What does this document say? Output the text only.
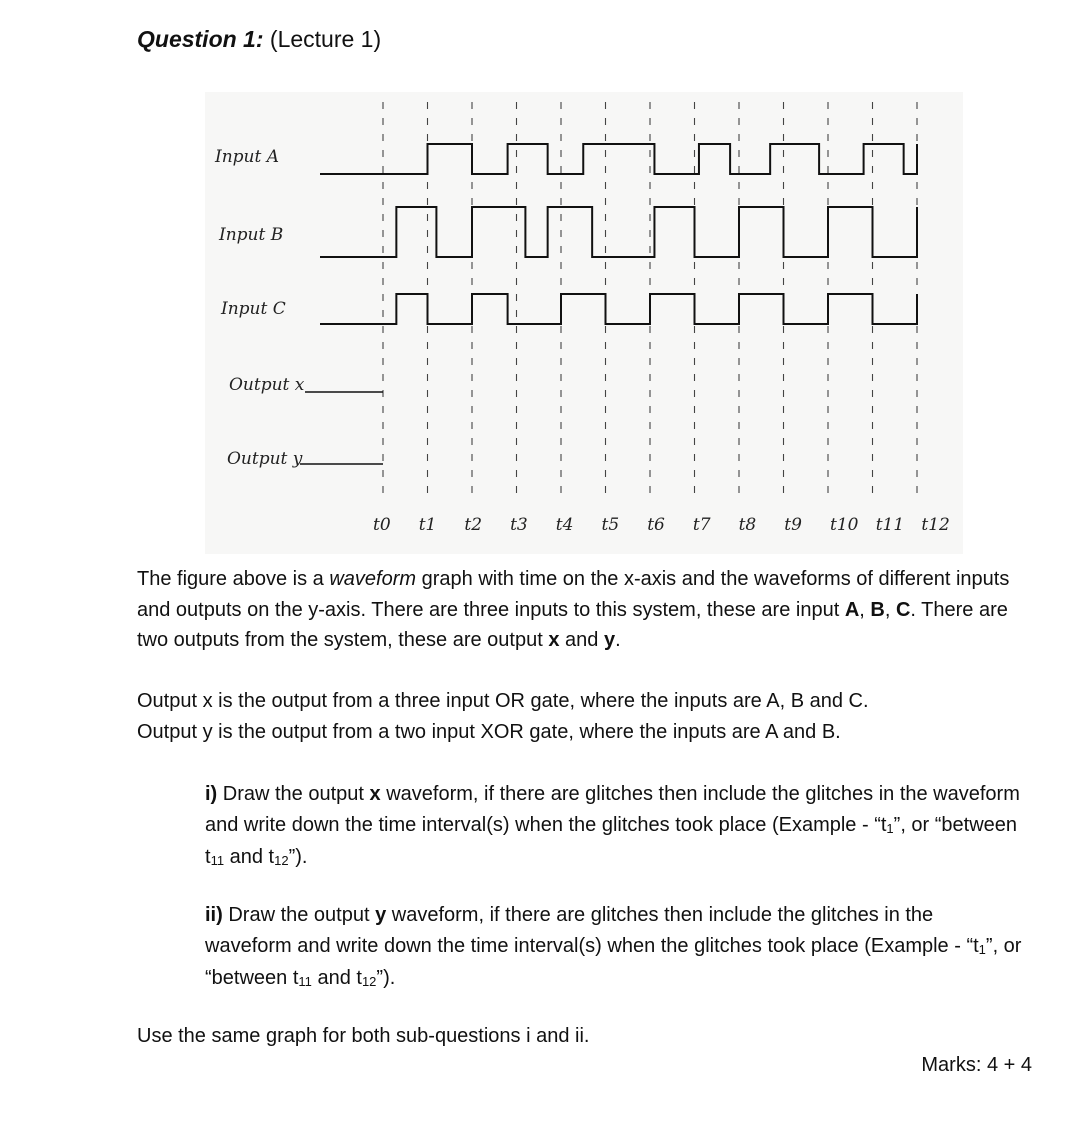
Question 1: (Lecture 1)
Input A
Input B
Input C
Output x
Output y
t0 t1 t2 t3 t4 t5 t6 t7 t8 t9 t10 t11 t12
The figure above is a waveform graph with time on the x-axis and the waveforms of different inputs and outputs on the y-axis. There are three inputs to this system, these are input A, B, C. There are two outputs from the system, these are output x and y.
Output x is the output from a three input OR gate, where the inputs are A, B and C.
Output y is the output from a two input XOR gate, where the inputs are A and B.
i) Draw the output x waveform, if there are glitches then include the glitches in the waveform and write down the time interval(s) when the glitches took place (Example - “$t_1$”, or “between $t_{11}$ and $t_{12}$”).
ii) Draw the output y waveform, if there are glitches then include the glitches in the waveform and write down the time interval(s) when the glitches took place (Example - “$t_1$”, or “between $t_{11}$ and $t_{12}$”).
Use the same graph for both sub-questions i and ii.
Marks: 4 + 4
